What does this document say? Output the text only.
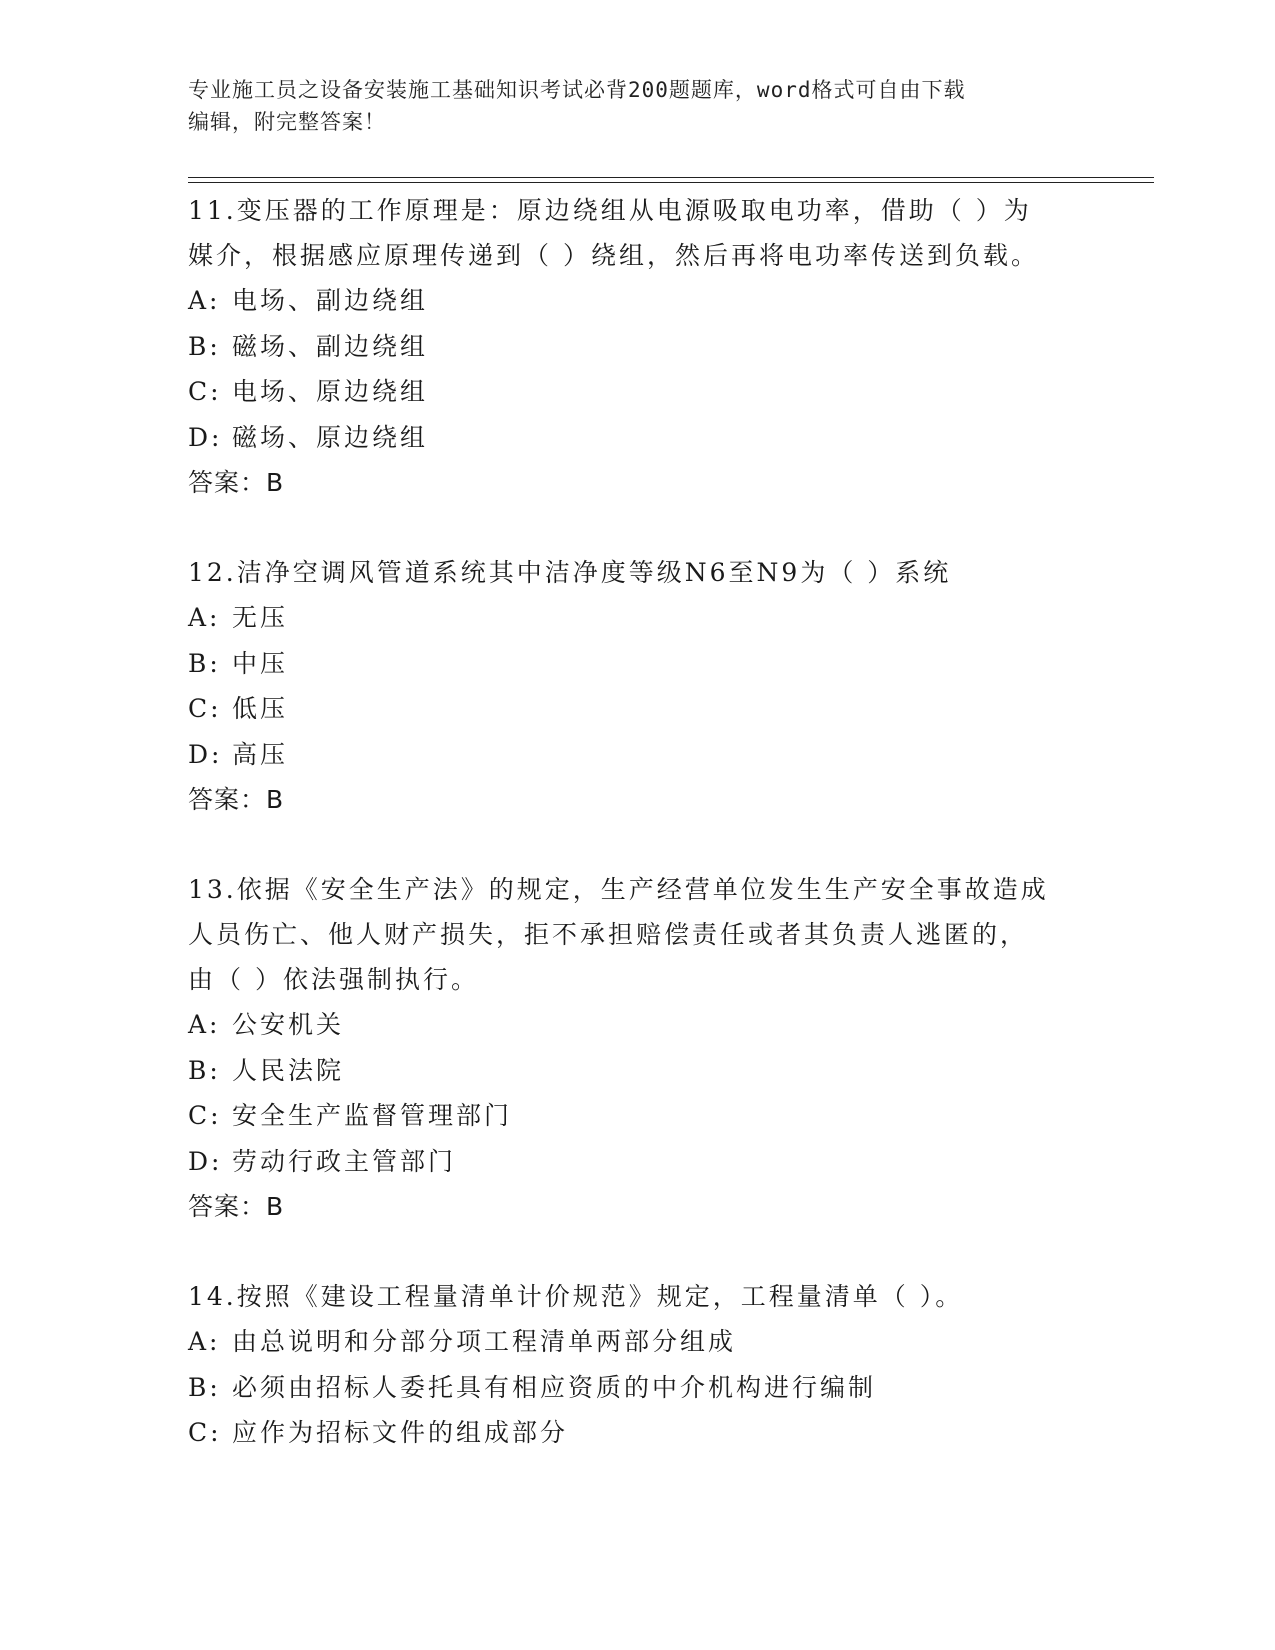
专业施工员之设备安装施工基础知识考试必背200题题库，word格式可自由下载
编辑，附完整答案！

11.变压器的工作原理是：原边绕组从电源吸取电功率，借助（ ）为

媒介，根据感应原理传递到（ ）绕组，然后再将电功率传送到负载。

A: 电场、副边绕组

B: 磁场、副边绕组

C: 电场、原边绕组

D: 磁场、原边绕组

答案：B

12.洁净空调风管道系统其中洁净度等级N6至N9为（ ）系统

A: 无压

B: 中压

C: 低压

D: 高压

答案：B

13.依据《安全生产法》的规定，生产经营单位发生生产安全事故造成

人员伤亡、他人财产损失，拒不承担赔偿责任或者其负责人逃匿的，

由（ ）依法强制执行。

A: 公安机关

B: 人民法院

C: 安全生产监督管理部门

D: 劳动行政主管部门

答案：B

14.按照《建设工程量清单计价规范》规定，工程量清单（ ）。

A: 由总说明和分部分项工程清单两部分组成

B: 必须由招标人委托具有相应资质的中介机构进行编制

C: 应作为招标文件的组成部分
